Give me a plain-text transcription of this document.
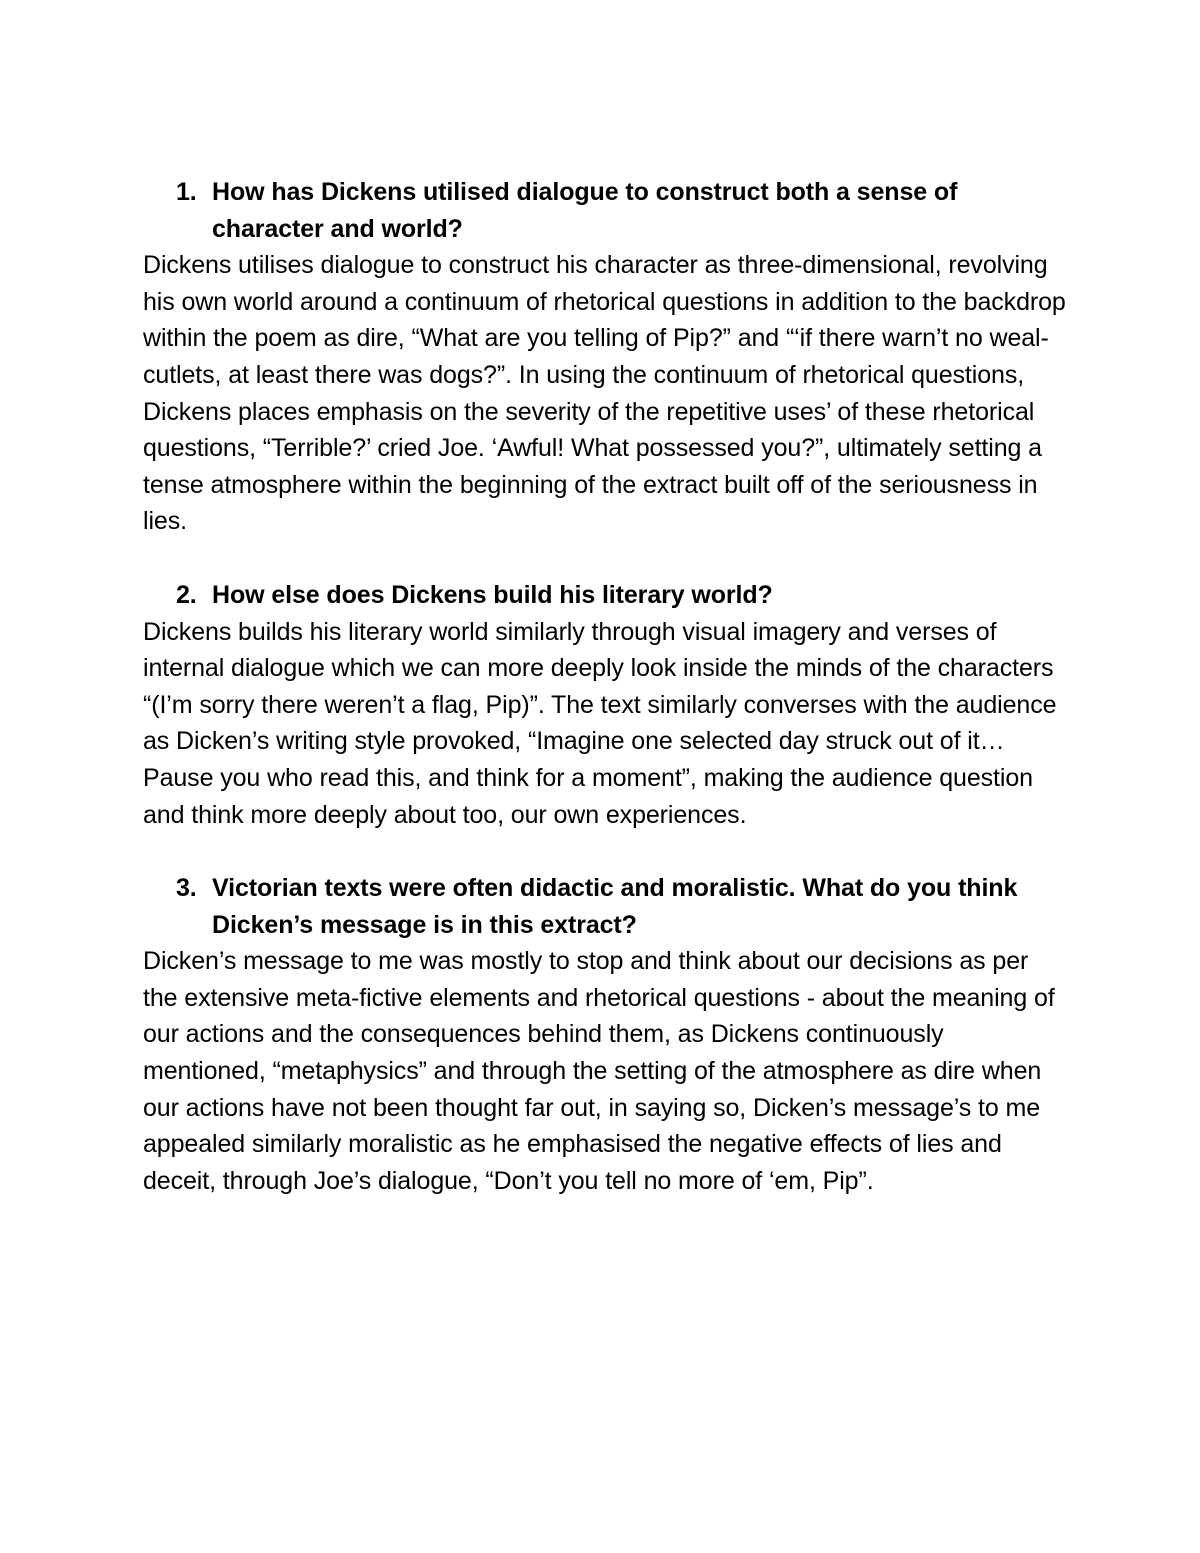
1. How has Dickens utilised dialogue to construct both a sense of character and world?

Dickens utilises dialogue to construct his character as three-dimensional, revolving his own world around a continuum of rhetorical questions in addition to the backdrop within the poem as dire, “What are you telling of Pip?” and “‘if there warn’t no weal-cutlets, at least there was dogs?”. In using the continuum of rhetorical questions, Dickens places emphasis on the severity of the repetitive uses’ of these rhetorical questions, “Terrible?’ cried Joe. ‘Awful! What possessed you?”, ultimately setting a tense atmosphere within the beginning of the extract built off of the seriousness in lies.

2. How else does Dickens build his literary world?

Dickens builds his literary world similarly through visual imagery and verses of internal dialogue which we can more deeply look inside the minds of the characters “(I’m sorry there weren’t a flag, Pip)”. The text similarly converses with the audience as Dicken’s writing style provoked, “Imagine one selected day struck out of it…Pause you who read this, and think for a moment”, making the audience question and think more deeply about too, our own experiences.

3. Victorian texts were often didactic and moralistic. What do you think Dicken’s message is in this extract?

Dicken’s message to me was mostly to stop and think about our decisions as per the extensive meta-fictive elements and rhetorical questions - about the meaning of our actions and the consequences behind them, as Dickens continuously mentioned, “metaphysics” and through the setting of the atmosphere as dire when our actions have not been thought far out, in saying so, Dicken’s message’s to me appealed similarly moralistic as he emphasised the negative effects of lies and deceit, through Joe’s dialogue, “Don’t you tell no more of ‘em, Pip”.
